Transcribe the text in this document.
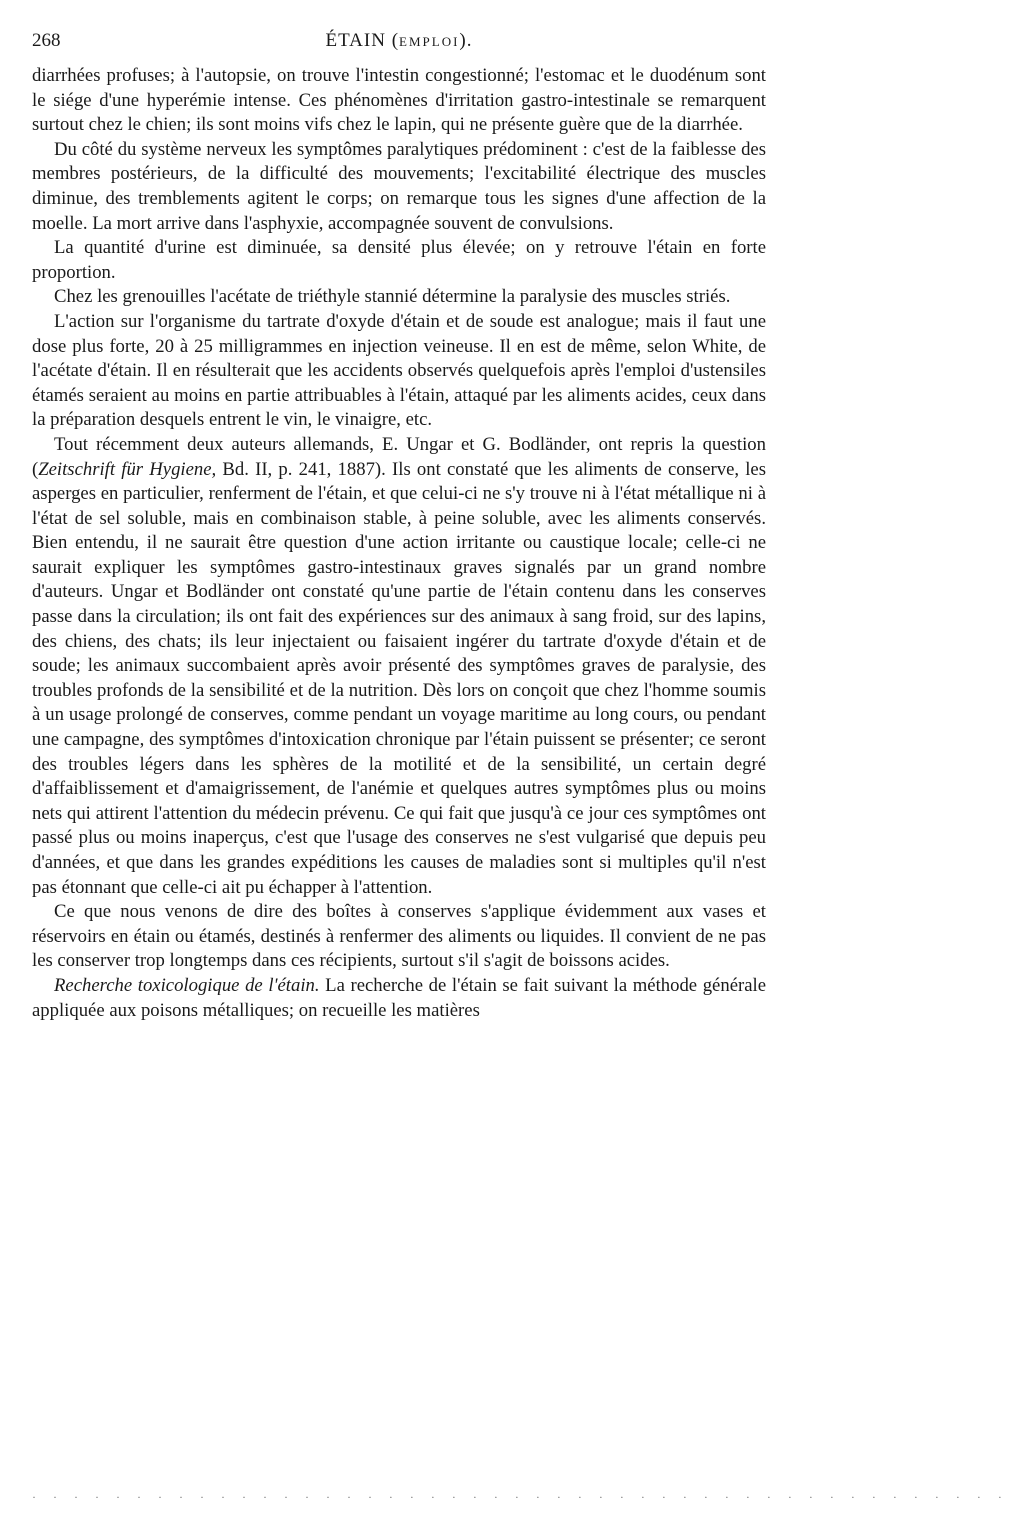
268	ÉTAIN (EMPLOI).

diarrhées profuses; à l'autopsie, on trouve l'intestin congestionné; l'estomac et le duodénum sont le siége d'une hyperémie intense. Ces phénomènes d'irritation gastro-intestinale se remarquent surtout chez le chien; ils sont moins vifs chez le lapin, qui ne présente guère que de la diarrhée.

Du côté du système nerveux les symptômes paralytiques prédominent : c'est de la faiblesse des membres postérieurs, de la difficulté des mouvements; l'excitabilité électrique des muscles diminue, des tremblements agitent le corps; on remarque tous les signes d'une affection de la moelle. La mort arrive dans l'asphyxie, accompagnée souvent de convulsions.

La quantité d'urine est diminuée, sa densité plus élevée; on y retrouve l'étain en forte proportion.

Chez les grenouilles l'acétate de triéthyle stannié détermine la paralysie des muscles striés.

L'action sur l'organisme du tartrate d'oxyde d'étain et de soude est analogue; mais il faut une dose plus forte, 20 à 25 milligrammes en injection veineuse. Il en est de même, selon White, de l'acétate d'étain. Il en résulterait que les accidents observés quelquefois après l'emploi d'ustensiles étamés seraient au moins en partie attribuables à l'étain, attaqué par les aliments acides, ceux dans la préparation desquels entrent le vin, le vinaigre, etc.

Tout récemment deux auteurs allemands, E. Ungar et G. Bodländer, ont repris la question (Zeitschrift für Hygiene, Bd. II, p. 241, 1887). Ils ont constaté que les aliments de conserve, les asperges en particulier, renferment de l'étain, et que celui-ci ne s'y trouve ni à l'état métallique ni à l'état de sel soluble, mais en combinaison stable, à peine soluble, avec les aliments conservés. Bien entendu, il ne saurait être question d'une action irritante ou caustique locale; celle-ci ne saurait expliquer les symptômes gastro-intestinaux graves signalés par un grand nombre d'auteurs. Ungar et Bodländer ont constaté qu'une partie de l'étain contenu dans les conserves passe dans la circulation; ils ont fait des expériences sur des animaux à sang froid, sur des lapins, des chiens, des chats; ils leur injectaient ou faisaient ingérer du tartrate d'oxyde d'étain et de soude; les animaux succombaient après avoir présenté des symptômes graves de paralysie, des troubles profonds de la sensibilité et de la nutrition. Dès lors on conçoit que chez l'homme soumis à un usage prolongé de conserves, comme pendant un voyage maritime au long cours, ou pendant une campagne, des symptômes d'intoxication chronique par l'étain puissent se présenter; ce seront des troubles légers dans les sphères de la motilité et de la sensibilité, un certain degré d'affaiblissement et d'amaigrissement, de l'anémie et quelques autres symptômes plus ou moins nets qui attirent l'attention du médecin prévenu. Ce qui fait que jusqu'à ce jour ces symptômes ont passé plus ou moins inaperçus, c'est que l'usage des conserves ne s'est vulgarisé que depuis peu d'années, et que dans les grandes expéditions les causes de maladies sont si multiples qu'il n'est pas étonnant que celle-ci ait pu échapper à l'attention.

Ce que nous venons de dire des boîtes à conserves s'applique évidemment aux vases et réservoirs en étain ou étamés, destinés à renfermer des aliments ou liquides. Il convient de ne pas les conserver trop longtemps dans ces récipients, surtout s'il s'agit de boissons acides.

Recherche toxicologique de l'étain. La recherche de l'étain se fait suivant la méthode générale appliquée aux poisons métalliques; on recueille les matières

· · · · · · · · · · · · · · · · · · · · · · · · · · · · · · · · · · · · · · · · · · · · · · ·
